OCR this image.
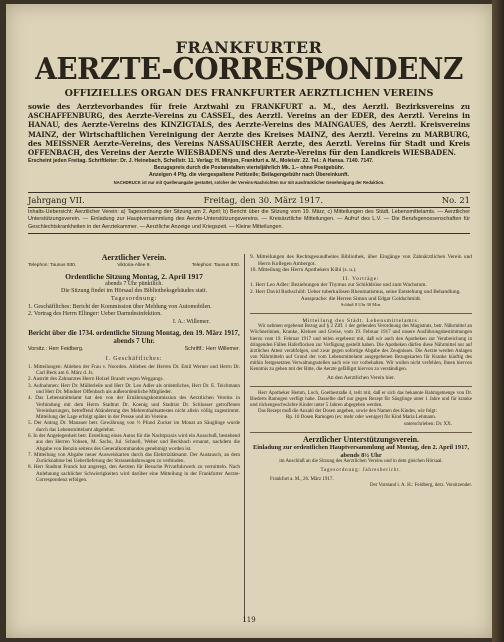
FRANKFURTER
AERZTE-CORRESPONDENZ
OFFIZIELLES ORGAN DES FRANKFURTER AERZTLICHEN VEREINS
sowie des Aerztevorbandes für freie Arztwahl zu FRANKFURT a. M., des Aerztl. Bezirksvereins zu ASCHAFFENBURG, des Aerzte-Vereins zu CASSEL, des Aerztl. Vereins an der EDER, des Aerztl. Vereins in HANAU, des Aerzte-Vereins des KINZIGTALS, des Aerzte-Vereins des MAINGAUES, des Aerztl. Kreisvereins MAINZ, der Wirtschaftlichen Vereinigung der Aerzte des Kreises MAINZ, des Aerztl. Vereins zu MARBURG, des MEISSNER Aerzte-Vereins, des Vereins NASSAUISCHER Aerzte, des Aerztl. Vereins für Stadt und Kreis OFFENBACH, des Vereins der Aerzte WIESBADENS und des Aerzte-Vereins für den Landkreis WIESBADEN.
Erscheint jeden Freitag. Schriftleiter: Dr. J. Heinebach, Schellstr. 11. Verlag: H. Minjon, Frankfurt a. M., Moleistr. 22. Tel.: A Hansa. 7140. 7147.
Bezugspreis durch die Postanstalten vierteljährlich Mk. 1.– ohne Postgebühr.
Anzeigen 4 Pfg. die viergespaltene Petitzeile; Beilagengebühr nach Übereinkunft.
NACHDRUCK ist nur mit Quellenangabe gestattet, solcher der Vereins-Nachrichten nur mit ausdrücklicher Genehmigung der Redaktion.
Jahrgang VII.	Freitag, den 30. März 1917.	No. 21
Inhalts-Uebersicht: Aerztlicher Verein: a) Tagesordnung der Sitzung am 2. April; b) Bericht über die Sitzung vom 19. März; c) Mitteilungen des Städt. Lebensmittelamts. — Aerztlicher Unterstützungsverein. — Einladung zur Hauptversammlung des Aerzte-Unterstützungsvereins. — Kreisärztliche Mitteilungen. — Aufruf des L.V. — Die Berufsgenossenschaften für Geschlechtskrankheiten in der Aerztekammer. — Aerztliche Anzeige und Kriegszeit. — Kleine Mitteilungen.
Aerztlicher Verein.
Telephon: Taunus 930.	Viktoria-Allee 9.	Telephon: Taunus 930.
Ordentliche Sitzung Montag, 2. April 1917
abends 7 Uhr pünktlich.
Die Sitzung findet im Hörsaal des Bibliotheksgebäudes statt.
Tagesordnung:
1. Geschäftliches: Bericht der Kommission über Meldung von Automobilen.
2. Vortrag des Herrn Ellinger: Ueber Darmdesinfektion.
I. A.: Willemer.
Bericht über die 1734. ordentliche Sitzung Montag, den 19. März 1917, abends 7 Uhr.
Vorsitz.: Herr Feidberg.	Schriftf.: Herr Willemer.
I. Geschäftliches:
1. Mitteilungen: Ableben der Frau v. Noorden. Ableben der Herren Dr. Emil Werner und Herrn Dr. Carl Beck am 6. März d. Js.
2. Austritt des Zahnarztes Herrn Holzel Brandt wegen Weggangs.
3. Aufnahmen: Herr Dr. Müllerleile und Herr Dr. Leo Adler als ordentliches, Herr Dr. E. Teichmann und Herr Dr. Mindner Offenbach als außerordentliche Mitglieder.
4. Das Lebensmittelamt hat den von der Ernährungskommission des Aerztlichen Vereins in Verbindung mit dem Herrn Stadtrat Dr. Koenig und Stadtrat Dr. Schlosser getroffenen Vereinbarungen, betreffend Abänderung des Mehrenthaltsattestes nicht allein völlig zugestimmt. Mitteilung der Lage erfolgt später in der Presse und im Vereine.
5. Der Antrag Dr. Manauer betr. Gewährung von ½ Pfund Zucker im Monat an Säuglinge wurde durch das Lebensmittelamt abgelehnt.
6. In der Angelegenheit betr. Erstellung eines Autos für die Nachtpraxis wird ein Ausschuß, bestehend aus den Herren Vohsen, M. Sachs, Jul. Schnell, Weber und Beckbach ernannt, nachdem die Abgabe von Benzin seitens des Generalkommandos genehmigt worden ist.
7. Mitteilung von Abgabe neuer Ausweiskarten durch das Elektrizitätsamt. Der Austausch, an dem Zurücknahme bei Ueberlieferung der Strassenbahnwagen zu verbinden.
8. Herr Stadtrat Franck hat angeregt, den Aerzten für Besuche Privatfuhrwerk zu vermitteln. Nach Anlehnung sachlicher Schwierigkeiten wird darüber eine Mitteilung in der Frankfurter Aerzte-Correspondenz erfolgen.
9. Mitteilungen des Rechtsgesundheites Bibliothek, über Eingänge von Zahnärztlichen Verein und Herrn Kollegen Ambergot.
10. Mitteilung des Herrn Apothekers Kühl (s. u.).
II. Vorträge:
1. Herr Leo Adler: Beziehungen der Thymus zur Schilddrüse und zum Wachstum.
2. Herr David Rothschild: Ueber tuberkulösen Rheumatismus, seine Entstehung und Behandlung.
Aussprache: die Herren Simon und Edgar Goldschmidt.
Schluß 8 Uhr 30 Min.
Mitteilung des Städt. Lebensmittelamts.
Wir nehmen ergebenst Bezug auf § 2 Ziff. 1 der geltenden Verordnung des Magistrats, betr. Nährmittel an Wöchnerinnen, Kranke, Kleinen und Greise, vom 19. Februar 1917 und unsere Ausführungsbestimmungen hierzu vom 19. Februar 1917 und teilen ergebenst mit, daß wir auch den Apotheken zur Verabreichung in dringenden Fällen Haferflocken zur Verfügung gestellt haben. Die Apotheken dürfen diese Nährmittel nur auf ärztliches Attest verabfolgen, und zwar gegen sofortige Abgabe des Zeugnisses. Die Aerzte werden Anlagen von Nährmitteln auf Grund der vom Lebensmittelamt ausgegebenen Bezugskarten für Kranke künftig des mithin festgesetzten Verwaltungsstellen nach wie vor vorbehalten. Wir wollen nicht verfehlen, Ihnen hiervon Kenntnis zu geben mit der Bitte, die Aerzte gefälligst hiervon zu verständigen.
An den Aerztlichen Verein hier.
Herr Apotheker Hemm, Loch, Goethestraße 4, teilt mit, daß er sich das bekannte Rahmgemenge von Dr. Biederts Ramogen verfügt habe. Dasselbe darf nur gegen Rezept für Säuglinge unter 1 Jahre und für kranke und rückengeschwächte Kinder unter 5 Jahren abgegeben werden.
Das Rezept muß die Anzahl der Dosen angeben, sowie den Namen des Kindes, wie folgt:
Rp. 10 Dosen Ramogen (ev. mehr oder weniger) für Kind Maria Lehmann.
unterschrieben: Dr. XX.
Aerztlicher Unterstützungsverein.
Einladung zur ordentlichen Hauptversammlung auf Montag, den 2. April 1917, abends 8½ Uhr
im Anschluß an die Sitzung des Aerztlichen Vereins und in dem gleichen Hörsaal.
Tagesordnung: Jahresbericht.
Frankfurt a. M., 26. März 1917.
Der Vorstand i. A. H.: Feidberg, derz. Vorsitzender.
119
